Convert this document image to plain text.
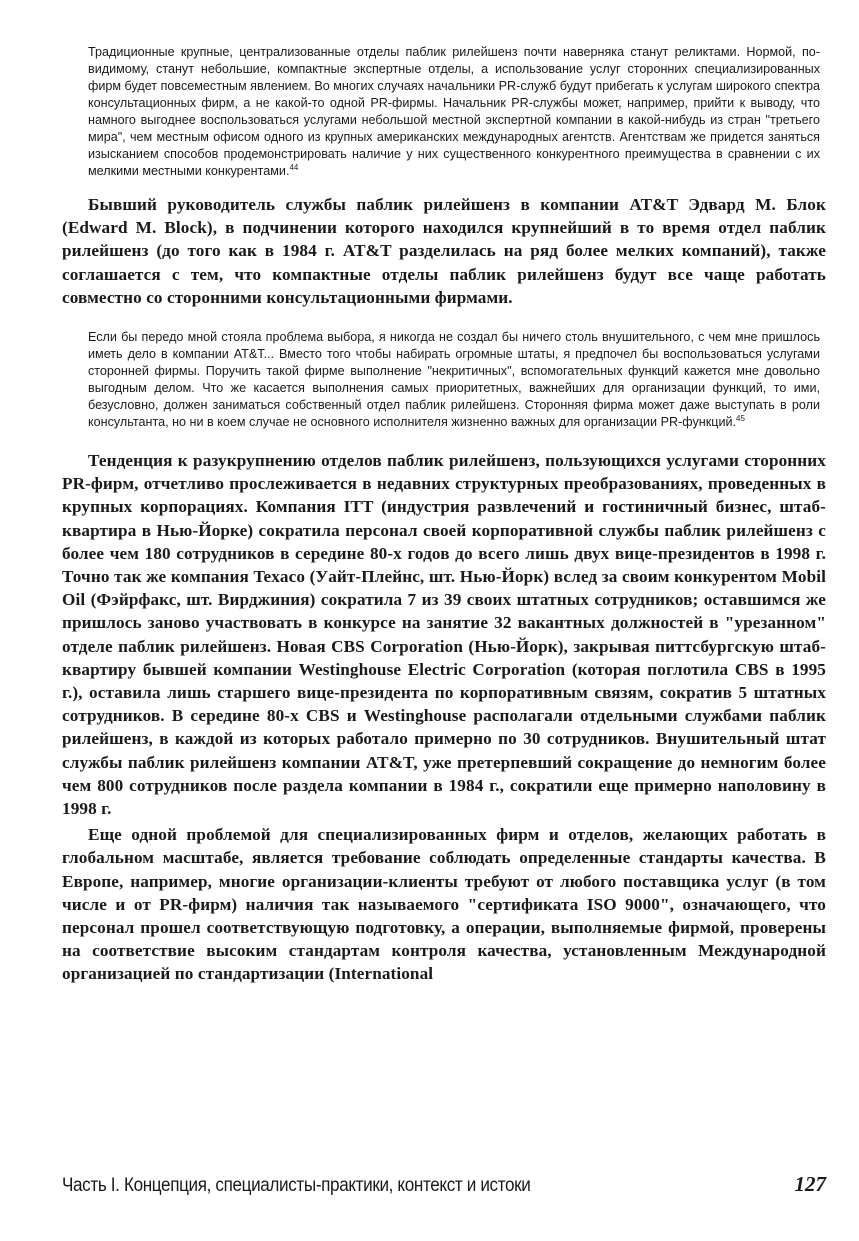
Традиционные крупные, централизованные отделы паблик рилейшенз почти наверняка станут реликтами. Нормой, по-видимому, станут небольшие, компактные экспертные отделы, а использование услуг сторонних специализированных фирм будет повсеместным явлением. Во многих случаях начальники PR-служб будут прибегать к услугам широкого спектра консультационных фирм, а не какой-то одной PR-фирмы. Начальник PR-службы может, например, прийти к выводу, что намного выгоднее воспользоваться услугами небольшой местной экспертной компании в какой-нибудь из стран "третьего мира", чем местным офисом одного из крупных американских международных агентств. Агентствам же придется заняться изысканием способов продемонстрировать наличие у них существенного конкурентного преимущества в сравнении с их мелкими местными конкурентами.$^{44}$

Бывший руководитель службы паблик рилейшенз в компании AT&T Эдвард М. Блок (Edward M. Block), в подчинении которого находился крупнейший в то время отдел паблик рилейшенз (до того как в 1984 г. AT&T разделилась на ряд более мелких компаний), также соглашается с тем, что компактные отделы паблик рилейшенз будут все чаще работать совместно со сторонними консультационными фирмами.

Если бы передо мной стояла проблема выбора, я никогда не создал бы ничего столь внушительного, с чем мне пришлось иметь дело в компании AT&T... Вместо того чтобы набирать огромные штаты, я предпочел бы воспользоваться услугами сторонней фирмы. Поручить такой фирме выполнение "некритичных", вспомогательных функций кажется мне довольно выгодным делом. Что же касается выполнения самых приоритетных, важнейших для организации функций, то ими, безусловно, должен заниматься собственный отдел паблик рилейшенз. Сторонняя фирма может даже выступать в роли консультанта, но ни в коем случае не основного исполнителя жизненно важных для организации PR-функций.$^{45}$

Тенденция к разукрупнению отделов паблик рилейшенз, пользующихся услугами сторонних PR-фирм, отчетливо прослеживается в недавних структурных преобразованиях, проведенных в крупных корпорациях. Компания ITT (индустрия развлечений и гостиничный бизнес, штаб-квартира в Нью-Йорке) сократила персонал своей корпоративной службы паблик рилейшенз с более чем 180 сотрудников в середине 80-х годов до всего лишь двух вице-президентов в 1998 г. Точно так же компания Texaco (Уайт-Плейнс, шт. Нью-Йорк) вслед за своим конкурентом Mobil Oil (Фэйрфакс, шт. Вирджиния) сократила 7 из 39 своих штатных сотрудников; оставшимся же пришлось заново участвовать в конкурсе на занятие 32 вакантных должностей в "урезанном" отделе паблик рилейшенз. Новая CBS Corporation (Нью-Йорк), закрывая питтсбургскую штаб-квартиру бывшей компании Westinghouse Electric Corporation (которая поглотила CBS в 1995 г.), оставила лишь старшего вице-президента по корпоративным связям, сократив 5 штатных сотрудников. В середине 80-х CBS и Westinghouse располагали отдельными службами паблик рилейшенз, в каждой из которых работало примерно по 30 сотрудников. Внушительный штат службы паблик рилейшенз компании AT&T, уже претерпевший сокращение до немногим более чем 800 сотрудников после раздела компании в 1984 г., сократили еще примерно наполовину в 1998 г.

Еще одной проблемой для специализированных фирм и отделов, желающих работать в глобальном масштабе, является требование соблюдать определенные стандарты качества. В Европе, например, многие организации-клиенты требуют от любого поставщика услуг (в том числе и от PR-фирм) наличия так называемого "сертификата ISO 9000", означающего, что персонал прошел соответствующую подготовку, а операции, выполняемые фирмой, проверены на соответствие высоким стандартам контроля качества, установленным Международной организацией по стандартизации (International

Часть I. Концепция, специалисты-практики, контекст и истоки	127
